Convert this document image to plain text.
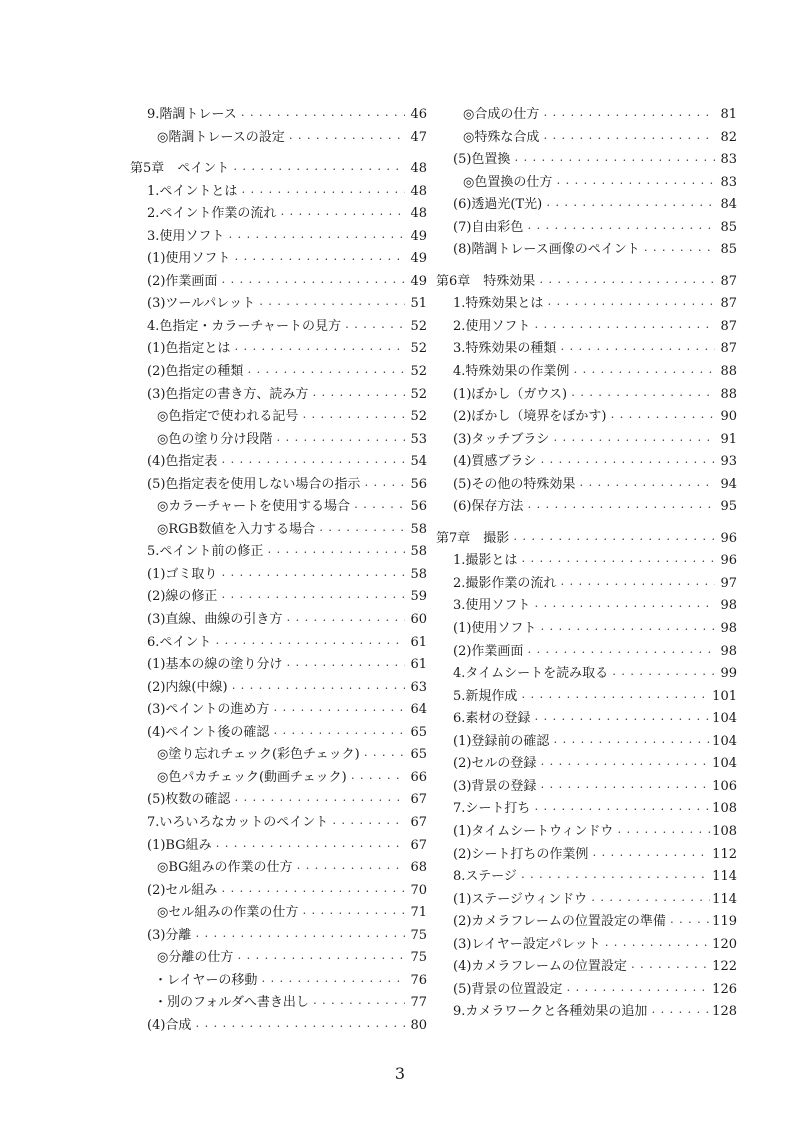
9.階調トレース ・・・・・・・・・・・・・・・・・・・・・・・・・・・・・・・・・・・・・・・・・・・・・・・・・・・・・・・・・・・・・・	46
◎階調トレースの設定 ・・・・・・・・・・・・・・・・・・・・・・・・・・・・・・・・・・・・・・・・・・・・・・・・・・・・・・・・・・・・・・	47
第5章　ペイント ・・・・・・・・・・・・・・・・・・・・・・・・・・・・・・・・・・・・・・・・・・・・・・・・・・・・・・・・・・・・・・	48
1.ペイントとは ・・・・・・・・・・・・・・・・・・・・・・・・・・・・・・・・・・・・・・・・・・・・・・・・・・・・・・・・・・・・・・	48
2.ペイント作業の流れ ・・・・・・・・・・・・・・・・・・・・・・・・・・・・・・・・・・・・・・・・・・・・・・・・・・・・・・・・・・・・・・	48
3.使用ソフト ・・・・・・・・・・・・・・・・・・・・・・・・・・・・・・・・・・・・・・・・・・・・・・・・・・・・・・・・・・・・・・	49
(1)使用ソフト ・・・・・・・・・・・・・・・・・・・・・・・・・・・・・・・・・・・・・・・・・・・・・・・・・・・・・・・・・・・・・・	49
(2)作業画面 ・・・・・・・・・・・・・・・・・・・・・・・・・・・・・・・・・・・・・・・・・・・・・・・・・・・・・・・・・・・・・・	49
(3)ツールパレット ・・・・・・・・・・・・・・・・・・・・・・・・・・・・・・・・・・・・・・・・・・・・・・・・・・・・・・・・・・・・・・	51
4.色指定・カラーチャートの見方 ・・・・・・・・・・・・・・・・・・・・・・・・・・・・・・・・・・・・・・・・・・・・・・・・・・・・・・・・・・・・・・	52
(1)色指定とは ・・・・・・・・・・・・・・・・・・・・・・・・・・・・・・・・・・・・・・・・・・・・・・・・・・・・・・・・・・・・・・	52
(2)色指定の種類 ・・・・・・・・・・・・・・・・・・・・・・・・・・・・・・・・・・・・・・・・・・・・・・・・・・・・・・・・・・・・・・	52
(3)色指定の書き方、読み方 ・・・・・・・・・・・・・・・・・・・・・・・・・・・・・・・・・・・・・・・・・・・・・・・・・・・・・・・・・・・・・・	52
◎色指定で使われる記号 ・・・・・・・・・・・・・・・・・・・・・・・・・・・・・・・・・・・・・・・・・・・・・・・・・・・・・・・・・・・・・・	52
◎色の塗り分け段階 ・・・・・・・・・・・・・・・・・・・・・・・・・・・・・・・・・・・・・・・・・・・・・・・・・・・・・・・・・・・・・・	53
(4)色指定表 ・・・・・・・・・・・・・・・・・・・・・・・・・・・・・・・・・・・・・・・・・・・・・・・・・・・・・・・・・・・・・・	54
(5)色指定表を使用しない場合の指示 ・・・・・・・・・・・・・・・・・・・・・・・・・・・・・・・・・・・・・・・・・・・・・・・・・・・・・・・・・・・・・・	56
◎カラーチャートを使用する場合 ・・・・・・・・・・・・・・・・・・・・・・・・・・・・・・・・・・・・・・・・・・・・・・・・・・・・・・・・・・・・・・	56
◎RGB数値を入力する場合 ・・・・・・・・・・・・・・・・・・・・・・・・・・・・・・・・・・・・・・・・・・・・・・・・・・・・・・・・・・・・・・	58
5.ペイント前の修正 ・・・・・・・・・・・・・・・・・・・・・・・・・・・・・・・・・・・・・・・・・・・・・・・・・・・・・・・・・・・・・・	58
(1)ゴミ取り ・・・・・・・・・・・・・・・・・・・・・・・・・・・・・・・・・・・・・・・・・・・・・・・・・・・・・・・・・・・・・・	58
(2)線の修正 ・・・・・・・・・・・・・・・・・・・・・・・・・・・・・・・・・・・・・・・・・・・・・・・・・・・・・・・・・・・・・・	59
(3)直線、曲線の引き方 ・・・・・・・・・・・・・・・・・・・・・・・・・・・・・・・・・・・・・・・・・・・・・・・・・・・・・・・・・・・・・・	60
6.ペイント ・・・・・・・・・・・・・・・・・・・・・・・・・・・・・・・・・・・・・・・・・・・・・・・・・・・・・・・・・・・・・・	61
(1)基本の線の塗り分け ・・・・・・・・・・・・・・・・・・・・・・・・・・・・・・・・・・・・・・・・・・・・・・・・・・・・・・・・・・・・・・	61
(2)内線(中線) ・・・・・・・・・・・・・・・・・・・・・・・・・・・・・・・・・・・・・・・・・・・・・・・・・・・・・・・・・・・・・・	63
(3)ペイントの進め方 ・・・・・・・・・・・・・・・・・・・・・・・・・・・・・・・・・・・・・・・・・・・・・・・・・・・・・・・・・・・・・・	64
(4)ペイント後の確認 ・・・・・・・・・・・・・・・・・・・・・・・・・・・・・・・・・・・・・・・・・・・・・・・・・・・・・・・・・・・・・・	65
◎塗り忘れチェック(彩色チェック) ・・・・・・・・・・・・・・・・・・・・・・・・・・・・・・・・・・・・・・・・・・・・・・・・・・・・・・・・・・・・・・	65
◎色パカチェック(動画チェック) ・・・・・・・・・・・・・・・・・・・・・・・・・・・・・・・・・・・・・・・・・・・・・・・・・・・・・・・・・・・・・・	66
(5)枚数の確認 ・・・・・・・・・・・・・・・・・・・・・・・・・・・・・・・・・・・・・・・・・・・・・・・・・・・・・・・・・・・・・・	67
7.いろいろなカットのペイント ・・・・・・・・・・・・・・・・・・・・・・・・・・・・・・・・・・・・・・・・・・・・・・・・・・・・・・・・・・・・・・	67
(1)BG組み ・・・・・・・・・・・・・・・・・・・・・・・・・・・・・・・・・・・・・・・・・・・・・・・・・・・・・・・・・・・・・・	67
◎BG組みの作業の仕方 ・・・・・・・・・・・・・・・・・・・・・・・・・・・・・・・・・・・・・・・・・・・・・・・・・・・・・・・・・・・・・・	68
(2)セル組み ・・・・・・・・・・・・・・・・・・・・・・・・・・・・・・・・・・・・・・・・・・・・・・・・・・・・・・・・・・・・・・	70
◎セル組みの作業の仕方 ・・・・・・・・・・・・・・・・・・・・・・・・・・・・・・・・・・・・・・・・・・・・・・・・・・・・・・・・・・・・・・	71
(3)分離 ・・・・・・・・・・・・・・・・・・・・・・・・・・・・・・・・・・・・・・・・・・・・・・・・・・・・・・・・・・・・・・	75
◎分離の仕方 ・・・・・・・・・・・・・・・・・・・・・・・・・・・・・・・・・・・・・・・・・・・・・・・・・・・・・・・・・・・・・・	75
・レイヤーの移動 ・・・・・・・・・・・・・・・・・・・・・・・・・・・・・・・・・・・・・・・・・・・・・・・・・・・・・・・・・・・・・・	76
・別のフォルダへ書き出し ・・・・・・・・・・・・・・・・・・・・・・・・・・・・・・・・・・・・・・・・・・・・・・・・・・・・・・・・・・・・・・	77
(4)合成 ・・・・・・・・・・・・・・・・・・・・・・・・・・・・・・・・・・・・・・・・・・・・・・・・・・・・・・・・・・・・・・	80
◎合成の仕方 ・・・・・・・・・・・・・・・・・・・・・・・・・・・・・・・・・・・・・・・・・・・・・・・・・・・・・・・・・・・・・・	81
◎特殊な合成 ・・・・・・・・・・・・・・・・・・・・・・・・・・・・・・・・・・・・・・・・・・・・・・・・・・・・・・・・・・・・・・	82
(5)色置換 ・・・・・・・・・・・・・・・・・・・・・・・・・・・・・・・・・・・・・・・・・・・・・・・・・・・・・・・・・・・・・・	83
◎色置換の仕方 ・・・・・・・・・・・・・・・・・・・・・・・・・・・・・・・・・・・・・・・・・・・・・・・・・・・・・・・・・・・・・・	83
(6)透過光(T光) ・・・・・・・・・・・・・・・・・・・・・・・・・・・・・・・・・・・・・・・・・・・・・・・・・・・・・・・・・・・・・・	84
(7)自由彩色 ・・・・・・・・・・・・・・・・・・・・・・・・・・・・・・・・・・・・・・・・・・・・・・・・・・・・・・・・・・・・・・	85
(8)階調トレース画像のペイント ・・・・・・・・・・・・・・・・・・・・・・・・・・・・・・・・・・・・・・・・・・・・・・・・・・・・・・・・・・・・・・	85
第6章　特殊効果 ・・・・・・・・・・・・・・・・・・・・・・・・・・・・・・・・・・・・・・・・・・・・・・・・・・・・・・・・・・・・・・	87
1.特殊効果とは ・・・・・・・・・・・・・・・・・・・・・・・・・・・・・・・・・・・・・・・・・・・・・・・・・・・・・・・・・・・・・・	87
2.使用ソフト ・・・・・・・・・・・・・・・・・・・・・・・・・・・・・・・・・・・・・・・・・・・・・・・・・・・・・・・・・・・・・・	87
3.特殊効果の種類 ・・・・・・・・・・・・・・・・・・・・・・・・・・・・・・・・・・・・・・・・・・・・・・・・・・・・・・・・・・・・・・	87
4.特殊効果の作業例 ・・・・・・・・・・・・・・・・・・・・・・・・・・・・・・・・・・・・・・・・・・・・・・・・・・・・・・・・・・・・・・	88
(1)ぼかし（ガウス) ・・・・・・・・・・・・・・・・・・・・・・・・・・・・・・・・・・・・・・・・・・・・・・・・・・・・・・・・・・・・・・	88
(2)ぼかし（境界をぼかす) ・・・・・・・・・・・・・・・・・・・・・・・・・・・・・・・・・・・・・・・・・・・・・・・・・・・・・・・・・・・・・・	90
(3)タッチブラシ ・・・・・・・・・・・・・・・・・・・・・・・・・・・・・・・・・・・・・・・・・・・・・・・・・・・・・・・・・・・・・・	91
(4)質感ブラシ ・・・・・・・・・・・・・・・・・・・・・・・・・・・・・・・・・・・・・・・・・・・・・・・・・・・・・・・・・・・・・・	93
(5)その他の特殊効果 ・・・・・・・・・・・・・・・・・・・・・・・・・・・・・・・・・・・・・・・・・・・・・・・・・・・・・・・・・・・・・・	94
(6)保存方法 ・・・・・・・・・・・・・・・・・・・・・・・・・・・・・・・・・・・・・・・・・・・・・・・・・・・・・・・・・・・・・・	95
第7章　撮影 ・・・・・・・・・・・・・・・・・・・・・・・・・・・・・・・・・・・・・・・・・・・・・・・・・・・・・・・・・・・・・・	96
1.撮影とは ・・・・・・・・・・・・・・・・・・・・・・・・・・・・・・・・・・・・・・・・・・・・・・・・・・・・・・・・・・・・・・	96
2.撮影作業の流れ ・・・・・・・・・・・・・・・・・・・・・・・・・・・・・・・・・・・・・・・・・・・・・・・・・・・・・・・・・・・・・・	97
3.使用ソフト ・・・・・・・・・・・・・・・・・・・・・・・・・・・・・・・・・・・・・・・・・・・・・・・・・・・・・・・・・・・・・・	98
(1)使用ソフト ・・・・・・・・・・・・・・・・・・・・・・・・・・・・・・・・・・・・・・・・・・・・・・・・・・・・・・・・・・・・・・	98
(2)作業画面 ・・・・・・・・・・・・・・・・・・・・・・・・・・・・・・・・・・・・・・・・・・・・・・・・・・・・・・・・・・・・・・	98
4.タイムシートを読み取る ・・・・・・・・・・・・・・・・・・・・・・・・・・・・・・・・・・・・・・・・・・・・・・・・・・・・・・・・・・・・・・	99
5.新規作成 ・・・・・・・・・・・・・・・・・・・・・・・・・・・・・・・・・・・・・・・・・・・・・・・・・・・・・・・・・・・・・・	101
6.素材の登録 ・・・・・・・・・・・・・・・・・・・・・・・・・・・・・・・・・・・・・・・・・・・・・・・・・・・・・・・・・・・・・・	104
(1)登録前の確認 ・・・・・・・・・・・・・・・・・・・・・・・・・・・・・・・・・・・・・・・・・・・・・・・・・・・・・・・・・・・・・・	104
(2)セルの登録 ・・・・・・・・・・・・・・・・・・・・・・・・・・・・・・・・・・・・・・・・・・・・・・・・・・・・・・・・・・・・・・	104
(3)背景の登録 ・・・・・・・・・・・・・・・・・・・・・・・・・・・・・・・・・・・・・・・・・・・・・・・・・・・・・・・・・・・・・・	106
7.シート打ち ・・・・・・・・・・・・・・・・・・・・・・・・・・・・・・・・・・・・・・・・・・・・・・・・・・・・・・・・・・・・・・	108
(1)タイムシートウィンドウ ・・・・・・・・・・・・・・・・・・・・・・・・・・・・・・・・・・・・・・・・・・・・・・・・・・・・・・・・・・・・・・	108
(2)シート打ちの作業例 ・・・・・・・・・・・・・・・・・・・・・・・・・・・・・・・・・・・・・・・・・・・・・・・・・・・・・・・・・・・・・・	112
8.ステージ ・・・・・・・・・・・・・・・・・・・・・・・・・・・・・・・・・・・・・・・・・・・・・・・・・・・・・・・・・・・・・・	114
(1)ステージウィンドウ ・・・・・・・・・・・・・・・・・・・・・・・・・・・・・・・・・・・・・・・・・・・・・・・・・・・・・・・・・・・・・・	114
(2)カメラフレームの位置設定の準備 ・・・・・・・・・・・・・・・・・・・・・・・・・・・・・・・・・・・・・・・・・・・・・・・・・・・・・・・・・・・・・・	119
(3)レイヤー設定パレット ・・・・・・・・・・・・・・・・・・・・・・・・・・・・・・・・・・・・・・・・・・・・・・・・・・・・・・・・・・・・・・	120
(4)カメラフレームの位置設定 ・・・・・・・・・・・・・・・・・・・・・・・・・・・・・・・・・・・・・・・・・・・・・・・・・・・・・・・・・・・・・・	122
(5)背景の位置設定 ・・・・・・・・・・・・・・・・・・・・・・・・・・・・・・・・・・・・・・・・・・・・・・・・・・・・・・・・・・・・・・	126
9.カメラワークと各種効果の追加 ・・・・・・・・・・・・・・・・・・・・・・・・・・・・・・・・・・・・・・・・・・・・・・・・・・・・・・・・・・・・・・	128
3
